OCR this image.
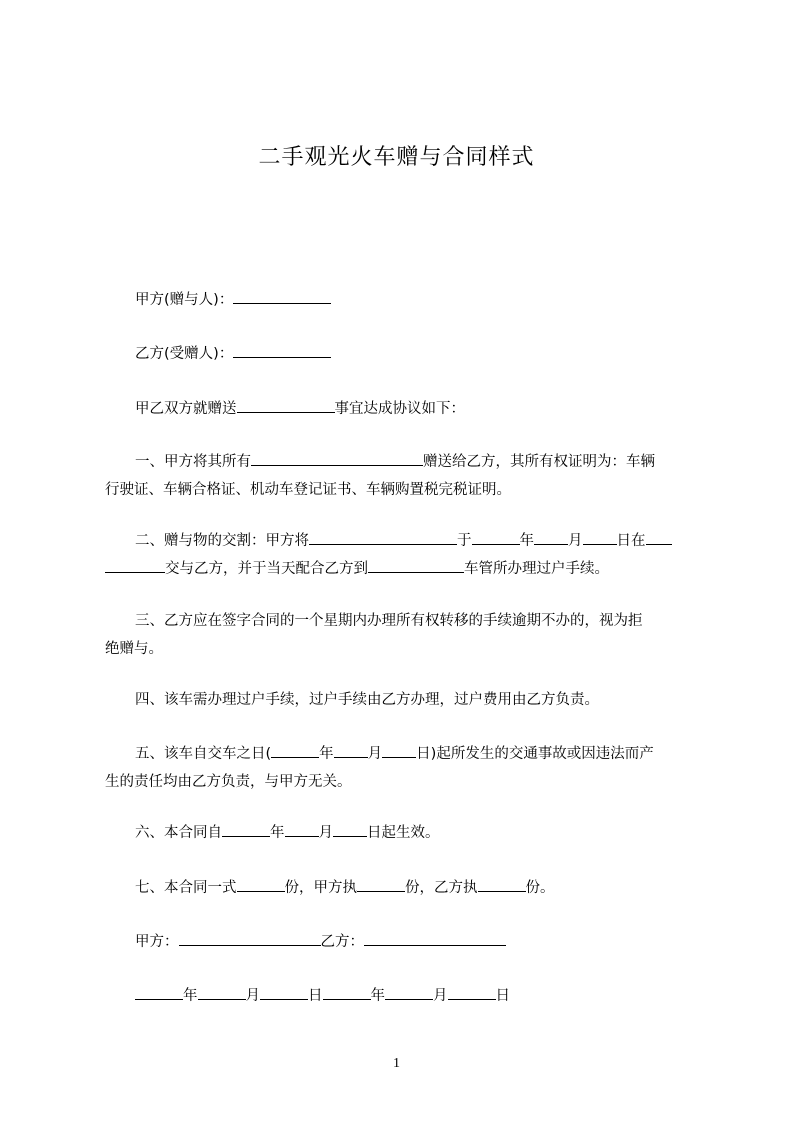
二手观光火车赠与合同样式
甲方(赠与人)：
乙方(受赠人)：
甲乙双方就赠送	事宜达成协议如下：
一、甲方将其所有	赠送给乙方，其所有权证明为：车辆
行驶证、车辆合格证、机动车登记证书、车辆购置税完税证明。
二、赠与物的交割：甲方将	于	年 月 日在
交与乙方，并于当天配合乙方到	车管所办理过户手续。
三、乙方应在签字合同的一个星期内办理所有权转移的手续逾期不办的，视为拒
绝赠与。
四、该车需办理过户手续，过户手续由乙方办理，过户费用由乙方负责。
五、该车自交车之日(	年 月 日)起所发生的交通事故或因违法而产
生的责任均由乙方负责，与甲方无关。
六、本合同自	年 月 日起生效。
七、本合同一式	份，甲方执	份，乙方执	份。
甲方：	乙方：
年	月	日	年	月	日
1
